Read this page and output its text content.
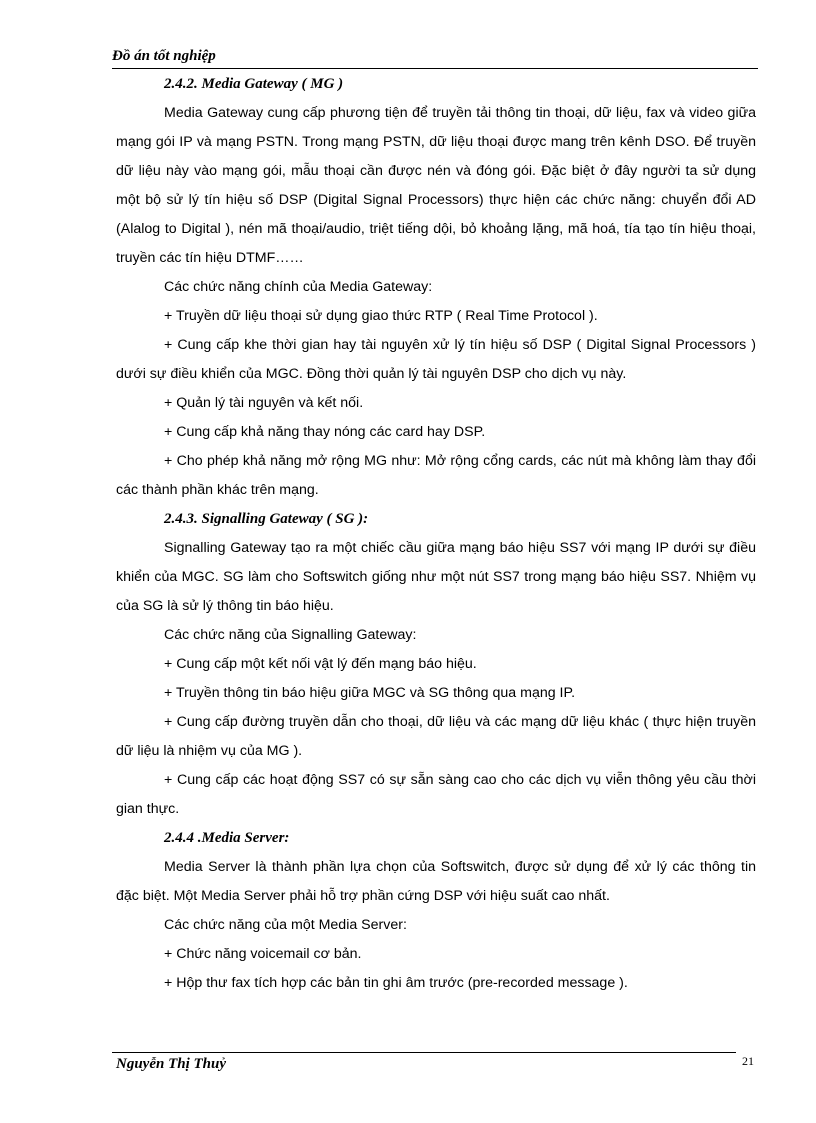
Đồ án tốt nghiệp
2.4.2. Media Gateway ( MG )

Media Gateway cung cấp phương tiện để truyền tải thông tin thoại, dữ liệu, fax và video giữa mạng gói IP và mạng PSTN. Trong mạng PSTN, dữ liệu thoại được mang trên kênh DSO. Để truyền dữ liệu này vào mạng gói, mẫu thoại cần được nén và đóng gói. Đặc biệt ở đây người ta sử dụng một bộ sử lý tín hiệu số DSP (Digital Signal Processors) thực hiện các chức năng: chuyển đổi AD (Alalog to Digital ), nén mã thoại/audio, triệt tiếng dội, bỏ khoảng lặng, mã hoá, tía tạo tín hiệu thoại, truyền các tín hiệu DTMF……

Các chức năng chính của Media Gateway:

+ Truyền dữ liệu thoại sử dụng giao thức RTP ( Real Time Protocol ).

+ Cung cấp khe thời gian hay tài nguyên xử lý tín hiệu số DSP ( Digital Signal Processors ) dưới sự điều khiển của MGC. Đồng thời quản lý tài nguyên DSP cho dịch vụ này.

+ Quản lý tài nguyên và kết nối.

+ Cung cấp khả năng thay nóng các card hay DSP.

+ Cho phép khả năng mở rộng MG như: Mở rộng cổng cards, các nút mà không làm thay đổi các thành phần khác trên mạng.

2.4.3. Signalling Gateway ( SG ):

Signalling Gateway tạo ra một chiếc cầu giữa mạng báo hiệu SS7 với mạng IP dưới sự điều khiển của MGC. SG làm cho Softswitch giống như một nút SS7 trong mạng báo hiệu SS7. Nhiệm vụ của SG là sử lý thông tin báo hiệu.

Các chức năng của Signalling Gateway:

+ Cung cấp một kết nối vật lý đến mạng báo hiệu.

+ Truyền thông tin báo hiệu giữa MGC và SG thông qua mạng IP.

+ Cung cấp đường truyền dẫn cho thoại, dữ liệu và các mạng dữ liệu khác ( thực hiện truyền dữ liệu là nhiệm vụ của MG ).

+ Cung cấp các hoạt động SS7 có sự sẵn sàng cao cho các dịch vụ viễn thông yêu cầu thời gian thực.

2.4.4 .Media Server:

Media Server là thành phần lựa chọn của Softswitch, được sử dụng để xử lý các thông tin đặc biệt. Một Media Server phải hỗ trợ phần cứng DSP với hiệu suất cao nhất.

Các chức năng của một Media Server:

+ Chức năng voicemail cơ bản.

+ Hộp thư fax tích hợp các bản tin ghi âm trước (pre-recorded message ).

Nguyễn Thị Thuỷ	21
